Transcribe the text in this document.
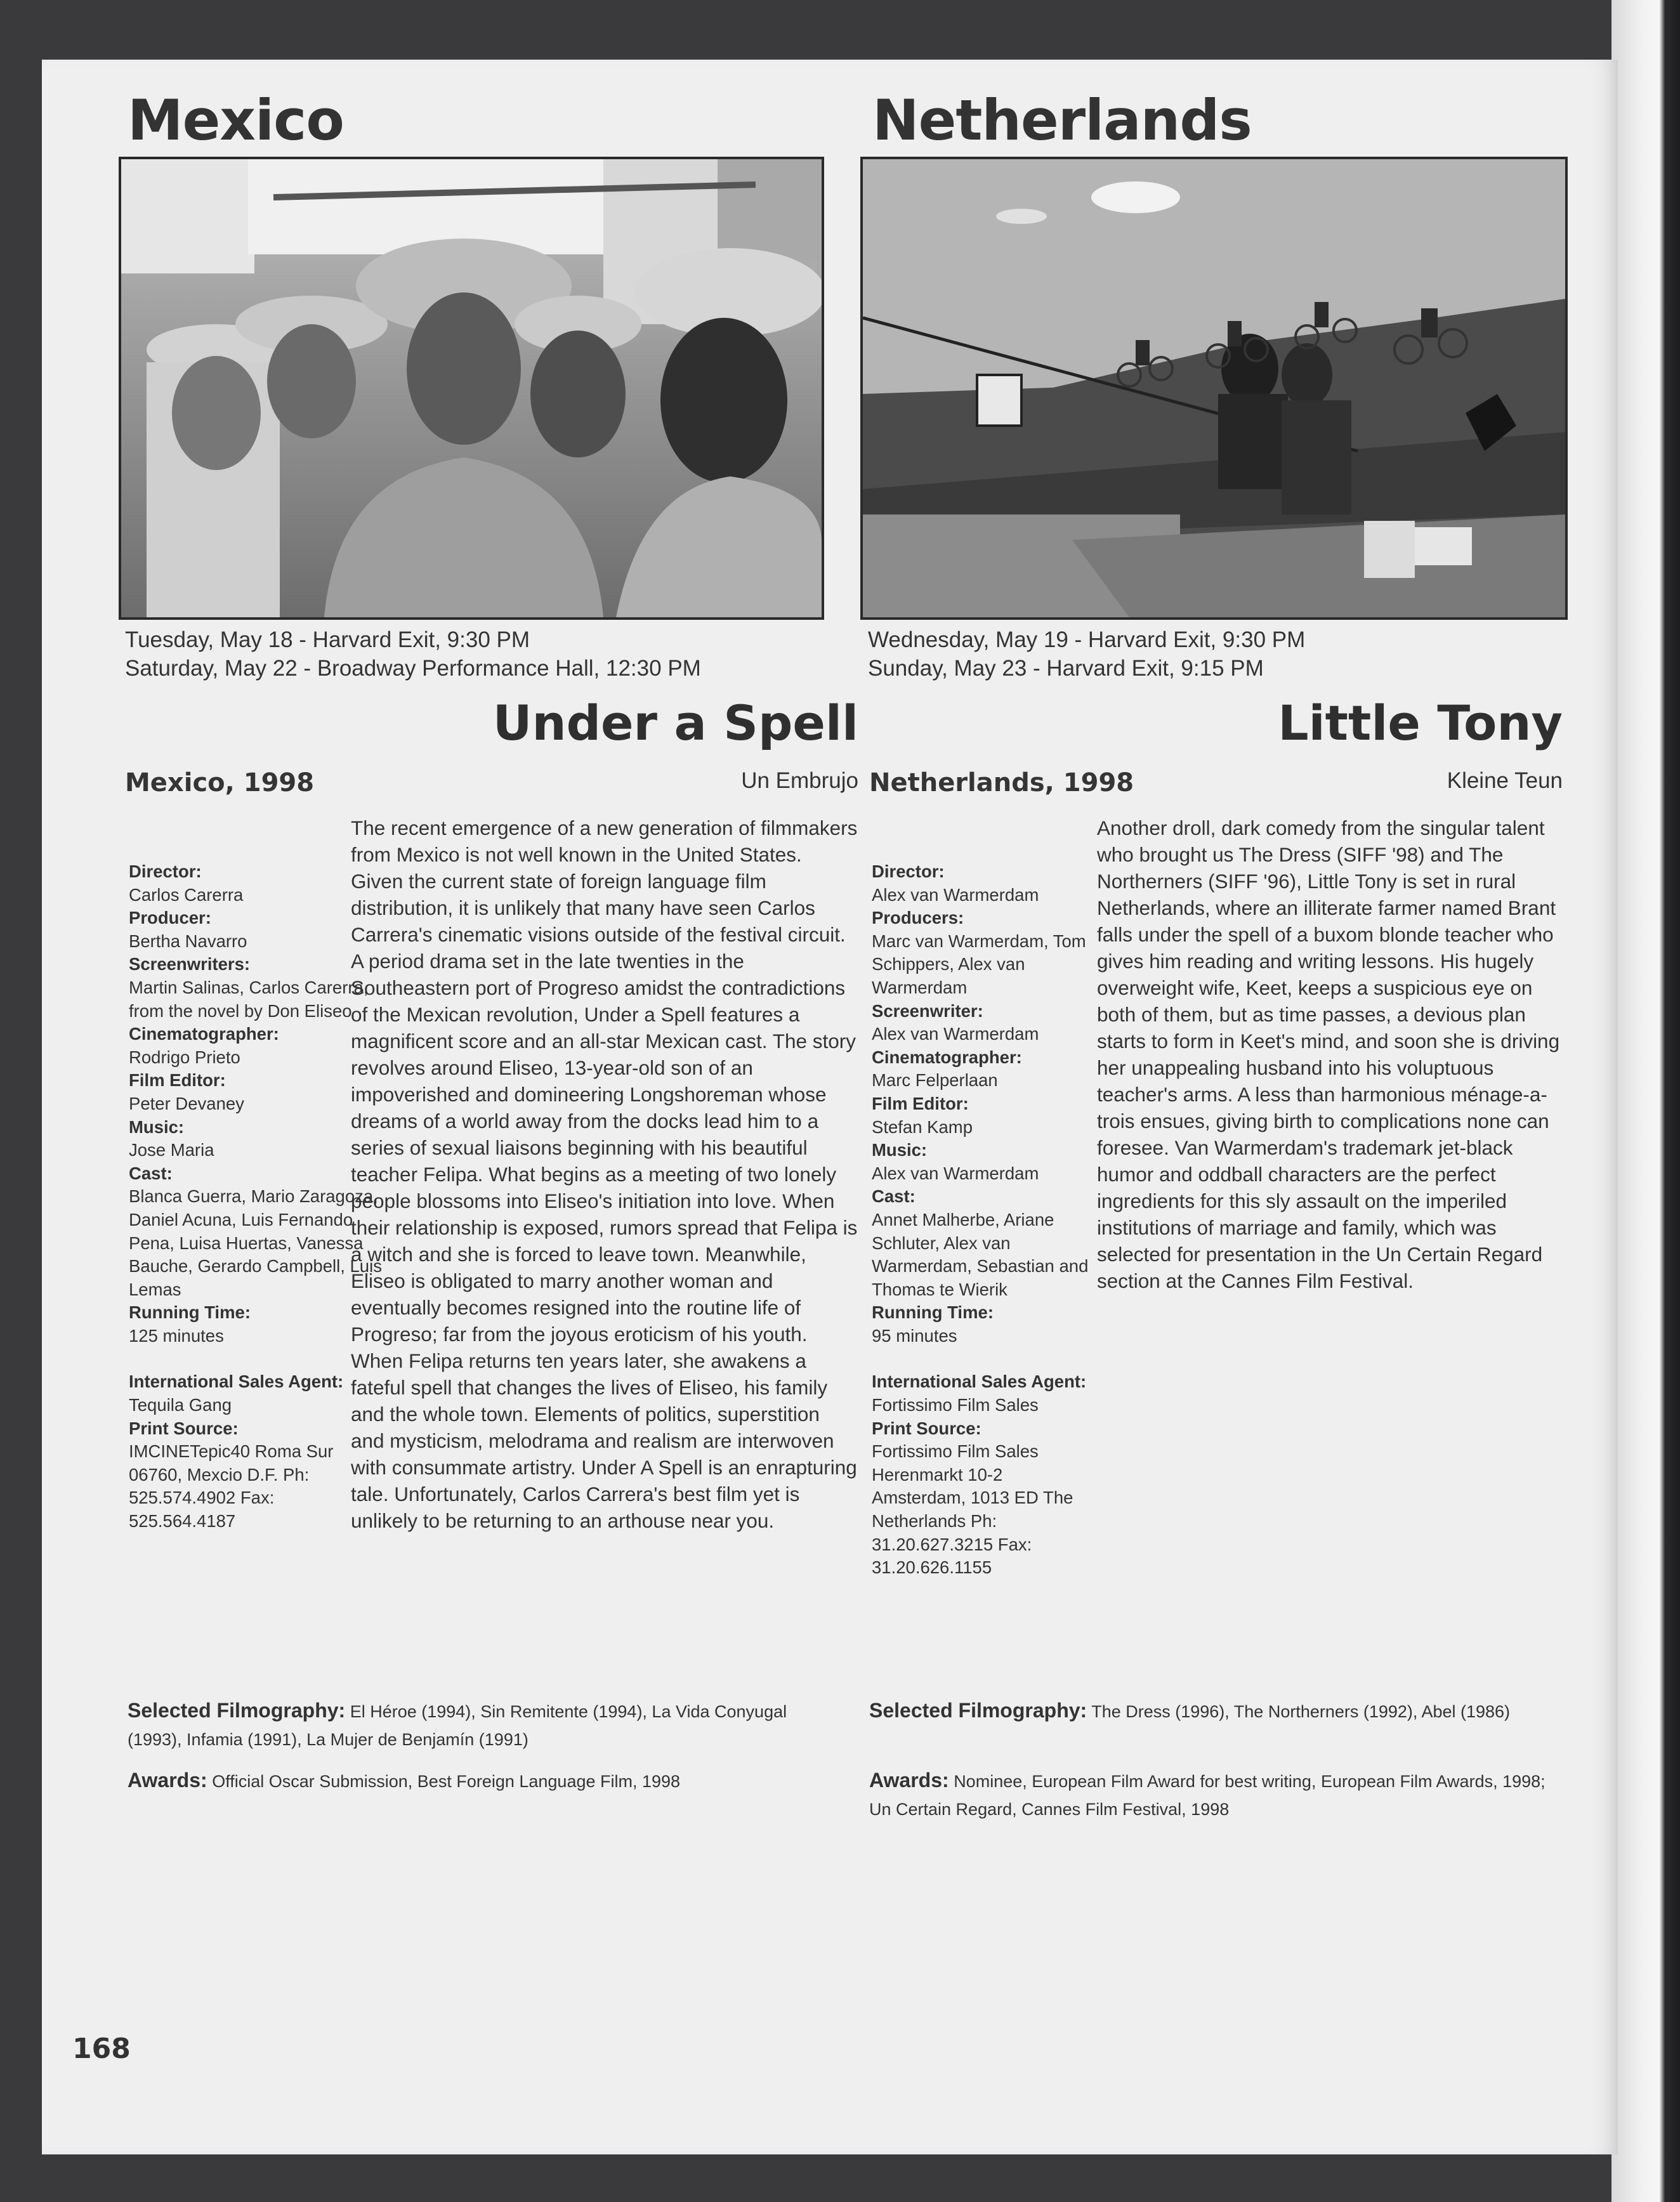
Mexico
Tuesday, May 18 - Harvard Exit, 9:30 PM
Saturday, May 22 - Broadway Performance Hall, 12:30 PM
Under a Spell
Mexico, 1998	Un Embrujo
Director:
Carlos Carerra
Producer:
Bertha Navarro
Screenwriters:
Martin Salinas, Carlos Carerra, from the novel by Don Eliseo
Cinematographer:
Rodrigo Prieto
Film Editor:
Peter Devaney
Music:
Jose Maria
Cast:
Blanca Guerra, Mario Zaragoza, Daniel Acuna, Luis Fernando Pena, Luisa Huertas, Vanessa Bauche, Gerardo Campbell, Luis Lemas
Running Time:
125 minutes
International Sales Agent:
Tequila Gang
Print Source:
IMCINETepic40 Roma Sur 06760, Mexcio D.F. Ph: 525.574.4902 Fax: 525.564.4187

The recent emergence of a new generation of filmmakers from Mexico is not well known in the United States. Given the current state of foreign language film distribution, it is unlikely that many have seen Carlos Carrera's cinematic visions outside of the festival circuit. A period drama set in the late twenties in the Southeastern port of Progreso amidst the contradictions of the Mexican revolution, Under a Spell features a magnificent score and an all-star Mexican cast. The story revolves around Eliseo, 13-year-old son of an impoverished and domineering Longshoreman whose dreams of a world away from the docks lead him to a series of sexual liaisons beginning with his beautiful teacher Felipa. What begins as a meeting of two lonely people blossoms into Eliseo's initiation into love. When their relationship is exposed, rumors spread that Felipa is a witch and she is forced to leave town. Meanwhile, Eliseo is obligated to marry another woman and eventually becomes resigned into the routine life of Progreso; far from the joyous eroticism of his youth. When Felipa returns ten years later, she awakens a fateful spell that changes the lives of Eliseo, his family and the whole town. Elements of politics, superstition and mysticism, melodrama and realism are interwoven with consummate artistry. Under A Spell is an enrapturing tale. Unfortunately, Carlos Carrera's best film yet is unlikely to be returning to an arthouse near you.

Selected Filmography: El Héroe (1994), Sin Remitente (1994), La Vida Conyugal (1993), Infamia (1991), La Mujer de Benjamín (1991)
Awards: Official Oscar Submission, Best Foreign Language Film, 1998
Netherlands
Wednesday, May 19 - Harvard Exit, 9:30 PM
Sunday, May 23 - Harvard Exit, 9:15 PM
Little Tony
Netherlands, 1998	Kleine Teun
Director:
Alex van Warmerdam
Producers:
Marc van Warmerdam, Tom Schippers, Alex van Warmerdam
Screenwriter:
Alex van Warmerdam
Cinematographer:
Marc Felperlaan
Film Editor:
Stefan Kamp
Music:
Alex van Warmerdam
Cast:
Annet Malherbe, Ariane Schluter, Alex van Warmerdam, Sebastian and Thomas te Wierik
Running Time:
95 minutes
International Sales Agent:
Fortissimo Film Sales
Print Source:
Fortissimo Film Sales Herenmarkt 10-2 Amsterdam, 1013 ED The Netherlands Ph: 31.20.627.3215 Fax: 31.20.626.1155

Another droll, dark comedy from the singular talent who brought us The Dress (SIFF '98) and The Northerners (SIFF '96), Little Tony is set in rural Netherlands, where an illiterate farmer named Brant falls under the spell of a buxom blonde teacher who gives him reading and writing lessons. His hugely overweight wife, Keet, keeps a suspicious eye on both of them, but as time passes, a devious plan starts to form in Keet's mind, and soon she is driving her unappealing husband into his voluptuous teacher's arms. A less than harmonious ménage-a-trois ensues, giving birth to complications none can foresee. Van Warmerdam's trademark jet-black humor and oddball characters are the perfect ingredients for this sly assault on the imperiled institutions of marriage and family, which was selected for presentation in the Un Certain Regard section at the Cannes Film Festival.

Selected Filmography: The Dress (1996), The Northerners (1992), Abel (1986)
Awards: Nominee, European Film Award for best writing, European Film Awards, 1998; Un Certain Regard, Cannes Film Festival, 1998
168
